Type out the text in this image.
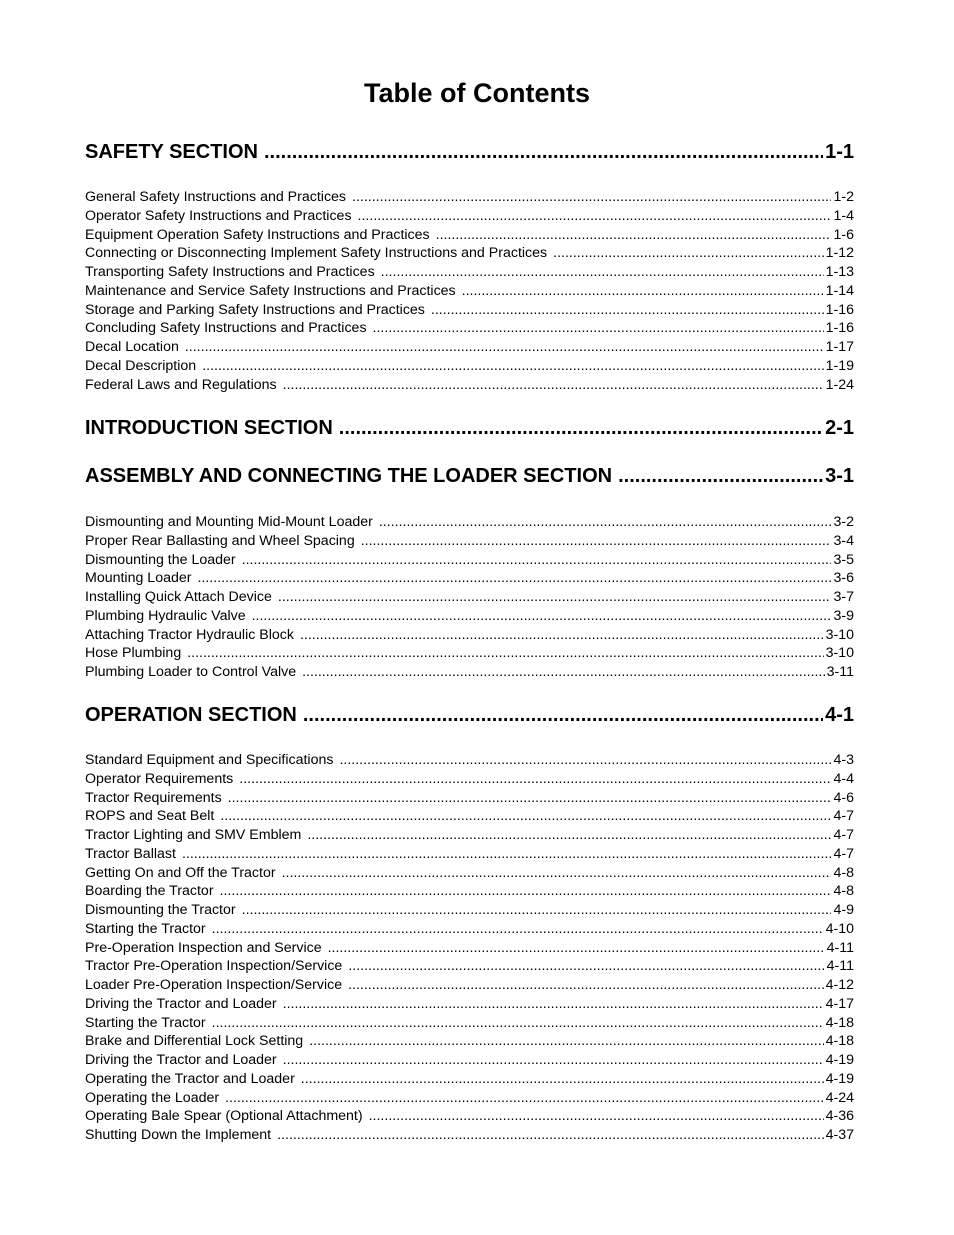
Table of Contents
SAFETY SECTION .....	1-1
General Safety Instructions and Practices .....	1-2
Operator Safety Instructions and Practices .....	1-4
Equipment Operation Safety Instructions and Practices .....	1-6
Connecting or Disconnecting Implement Safety Instructions and Practices .....	1-12
Transporting Safety Instructions and Practices .....	1-13
Maintenance and Service Safety Instructions and Practices .....	1-14
Storage and Parking Safety Instructions and Practices .....	1-16
Concluding Safety Instructions and Practices .....	1-16
Decal Location .....	1-17
Decal Description .....	1-19
Federal Laws and Regulations .....	1-24
INTRODUCTION SECTION .....	2-1
ASSEMBLY AND CONNECTING THE LOADER SECTION .....	3-1
Dismounting and Mounting Mid-Mount Loader .....	3-2
Proper Rear Ballasting and Wheel Spacing .....	3-4
Dismounting the Loader .....	3-5
Mounting Loader .....	3-6
Installing Quick Attach Device .....	3-7
Plumbing Hydraulic Valve .....	3-9
Attaching Tractor Hydraulic Block .....	3-10
Hose Plumbing .....	3-10
Plumbing Loader to Control Valve .....	3-11
OPERATION SECTION .....	4-1
Standard Equipment and Specifications .....	4-3
Operator Requirements .....	4-4
Tractor Requirements .....	4-6
ROPS and Seat Belt .....	4-7
Tractor Lighting and SMV Emblem .....	4-7
Tractor Ballast .....	4-7
Getting On and Off the Tractor .....	4-8
Boarding the Tractor .....	4-8
Dismounting the Tractor .....	4-9
Starting the Tractor .....	4-10
Pre-Operation Inspection and Service .....	4-11
Tractor Pre-Operation Inspection/Service .....	4-11
Loader Pre-Operation Inspection/Service .....	4-12
Driving the Tractor and Loader .....	4-17
Starting the Tractor .....	4-18
Brake and Differential Lock Setting .....	4-18
Driving the Tractor and Loader .....	4-19
Operating the Tractor and Loader .....	4-19
Operating the Loader .....	4-24
Operating Bale Spear (Optional Attachment) .....	4-36
Shutting Down the Implement .....	4-37
